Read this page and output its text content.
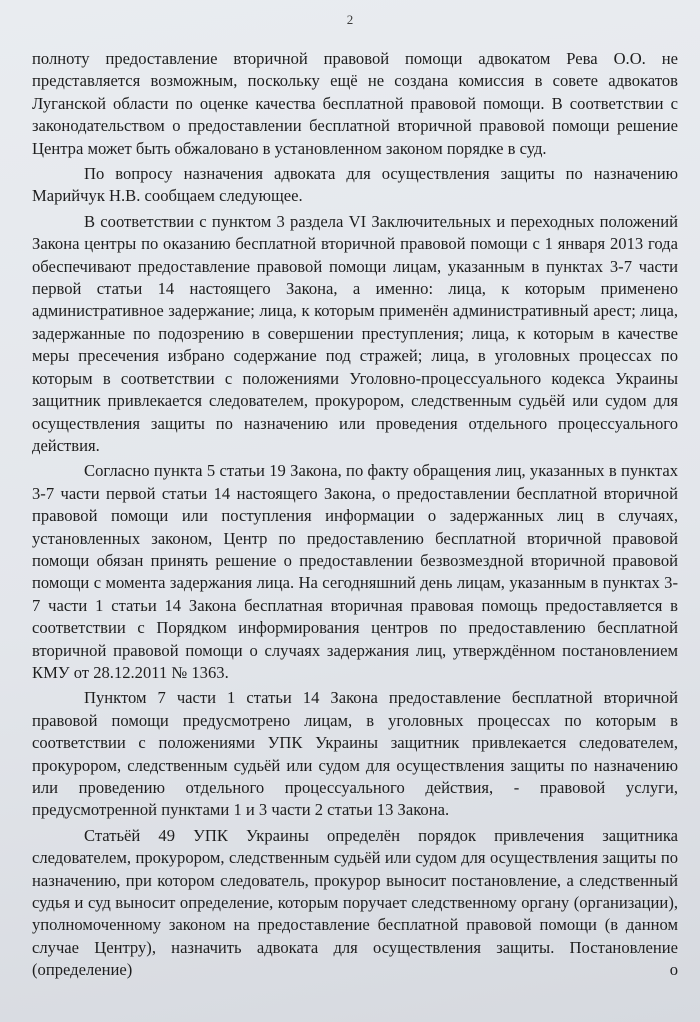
2

полноту предоставление вторичной правовой помощи адвокатом Рева О.О. не представляется возможным, поскольку ещё не создана комиссия в совете адвокатов Луганской области по оценке качества бесплатной правовой помощи. В соответствии с законодательством о предоставлении бесплатной вторичной правовой помощи решение Центра может быть обжаловано в установленном законом порядке в суд.

По вопросу назначения адвоката для осуществления защиты по назначению Марийчук Н.В. сообщаем следующее.

В соответствии с пунктом 3 раздела VI Заключительных и переходных положений Закона центры по оказанию бесплатной вторичной правовой помощи с 1 января 2013 года обеспечивают предоставление правовой помощи лицам, указанным в пунктах 3-7 части первой статьи 14 настоящего Закона, а именно: лица, к которым применено административное задержание; лица, к которым применён административный арест; лица, задержанные по подозрению в совершении преступления; лица, к которым в качестве меры пресечения избрано содержание под стражей; лица, в уголовных процессах по которым в соответствии с положениями Уголовно-процессуального кодекса Украины защитник привлекается следователем, прокурором, следственным судьёй или судом для осуществления защиты по назначению или проведения отдельного процессуального действия.

Согласно пункта 5 статьи 19 Закона, по факту обращения лиц, указанных в пунктах 3-7 части первой статьи 14 настоящего Закона, о предоставлении бесплатной вторичной правовой помощи или поступления информации о задержанных лиц в случаях, установленных законом, Центр по предоставлению бесплатной вторичной правовой помощи обязан принять решение о предоставлении безвозмездной вторичной правовой помощи с момента задержания лица. На сегодняшний день лицам, указанным в пунктах 3-7 части 1 статьи 14 Закона бесплатная вторичная правовая помощь предоставляется в соответствии с Порядком информирования центров по предоставлению бесплатной вторичной правовой помощи о случаях задержания лиц, утверждённом постановлением КМУ от 28.12.2011 № 1363.

Пунктом 7 части 1 статьи 14 Закона предоставление бесплатной вторичной правовой помощи предусмотрено лицам, в уголовных процессах по которым в соответствии с положениями УПК Украины защитник привлекается следователем, прокурором, следственным судьёй или судом для осуществления защиты по назначению или проведению отдельного процессуального действия, - правовой услуги, предусмотренной пунктами 1 и 3 части 2 статьи 13 Закона.

Статьёй 49 УПК Украины определён порядок привлечения защитника следователем, прокурором, следственным судьёй или судом для осуществления защиты по назначению, при котором следователь, прокурор выносит постановление, а следственный судья и суд выносит определение, которым поручает следственному органу (организации), уполномоченному законом на предоставление бесплатной правовой помощи (в данном случае Центру), назначить адвоката для осуществления защиты. Постановление (определение) о
